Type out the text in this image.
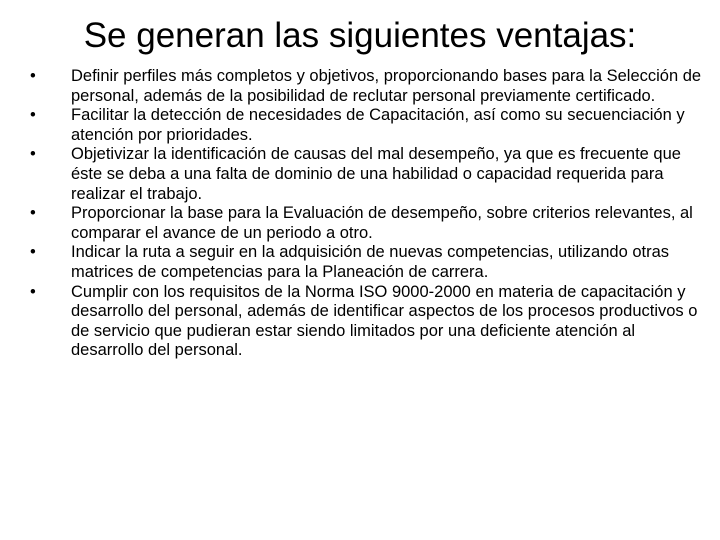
Se generan las siguientes ventajas:
•	Definir perfiles más completos y objetivos, proporcionando bases para la Selección de personal, además de la posibilidad de reclutar personal previamente certificado.
•	Facilitar la detección de necesidades de Capacitación, así como su secuenciación y atención por prioridades.
•	Objetivizar la identificación de causas del mal desempeño, ya que es frecuente que éste se deba a una falta de dominio de una habilidad o capacidad requerida para realizar el trabajo.
•	Proporcionar la base para la Evaluación de desempeño, sobre criterios relevantes, al comparar el avance de un periodo a otro.
•	Indicar la ruta a seguir en la adquisición de nuevas competencias, utilizando otras matrices de competencias para la Planeación de carrera.
•	Cumplir con los requisitos de la Norma ISO 9000-2000 en materia de capacitación y desarrollo del personal, además de identificar aspectos de los procesos productivos o de servicio que pudieran estar siendo limitados por una deficiente atención al desarrollo del personal.
